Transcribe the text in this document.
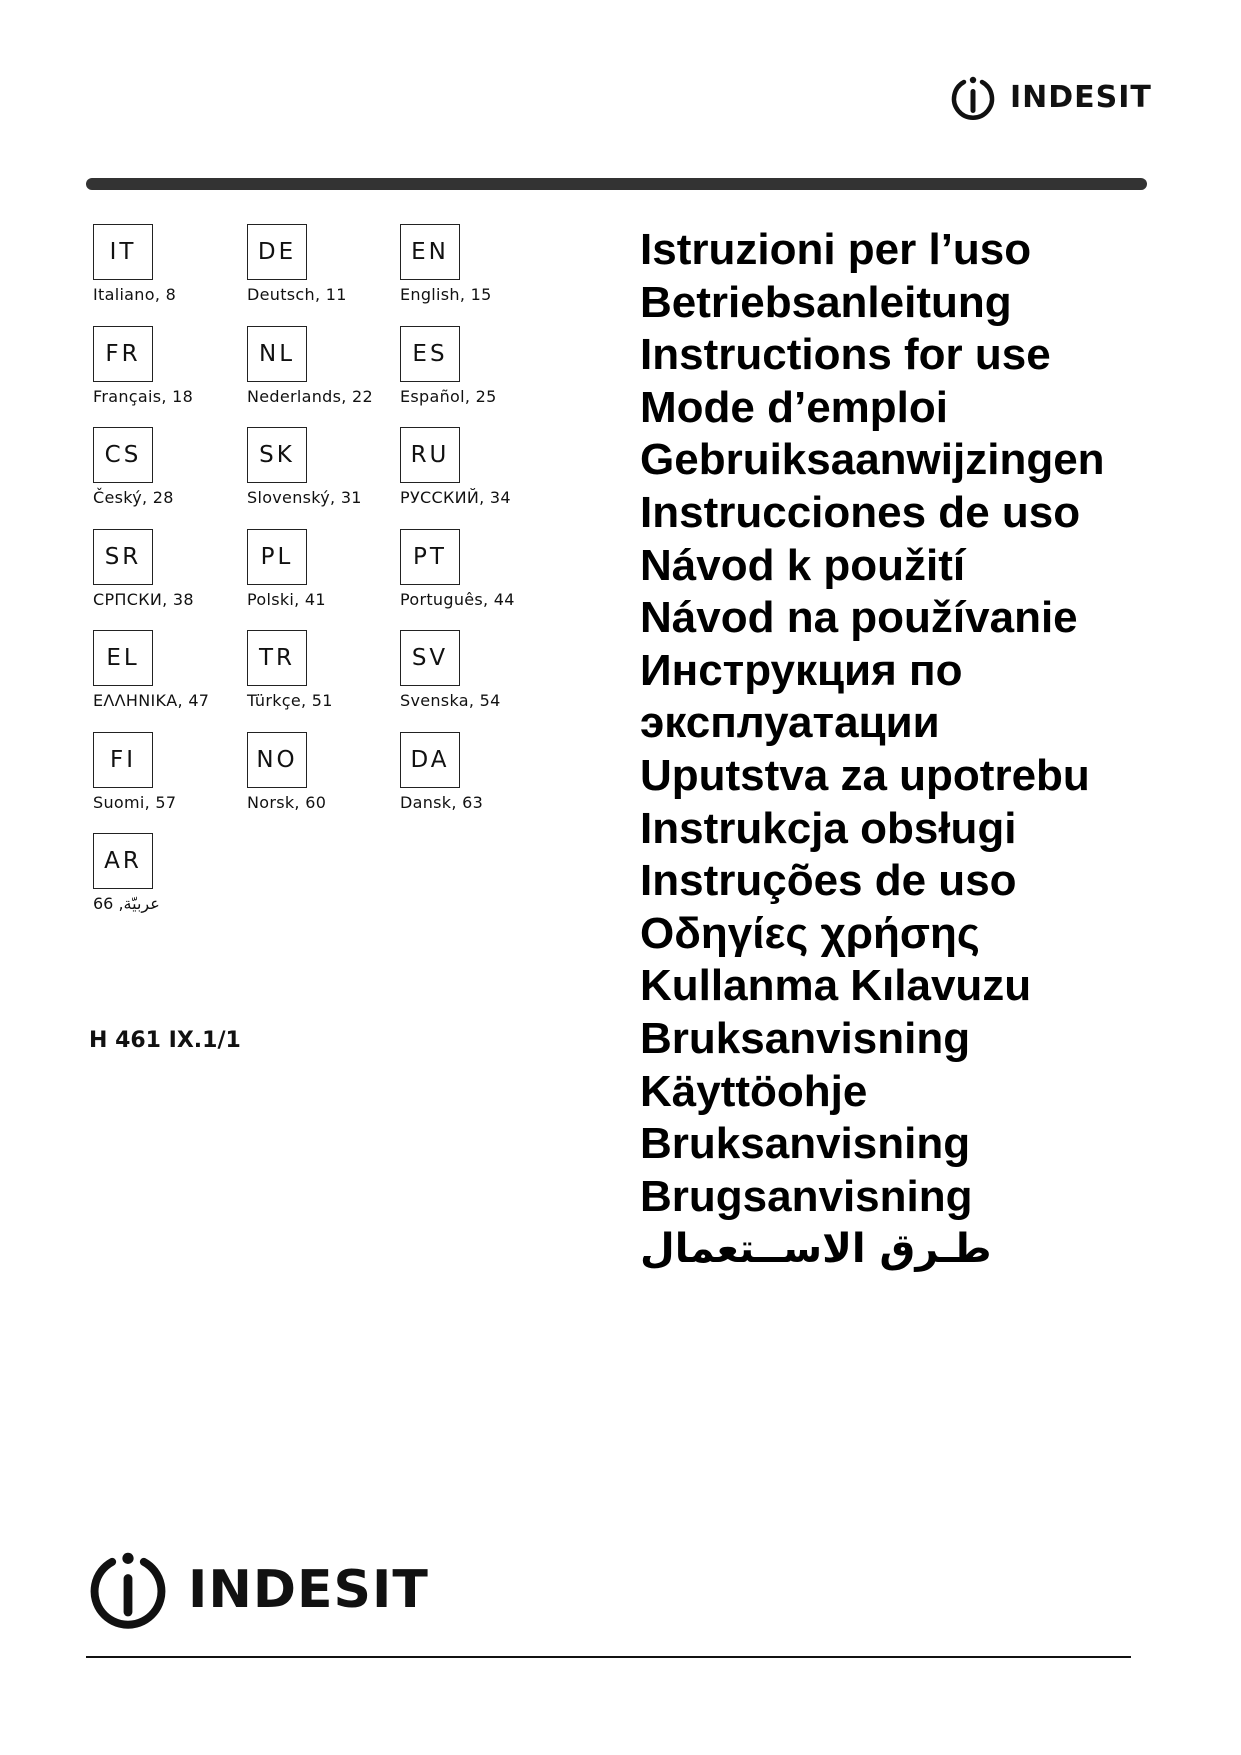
INDESIT
IT
Italiano, 8
DE
Deutsch, 11
EN
English, 15
FR
Français, 18
NL
Nederlands, 22
ES
Español, 25
CS
Český, 28
SK
Slovenský, 31
RU
РУССКИЙ, 34
SR
СРПСКИ, 38
PL
Polski, 41
PT
Português, 44
EL
ΕΛΛΗΝΙΚΑ, 47
TR
Türkçe, 51
SV
Svenska, 54
FI
Suomi, 57
NO
Norsk, 60
DA
Dansk, 63
AR
عربيّة, 66
H 461 IX.1/1
Istruzioni per l’uso
Betriebsanleitung
Instructions for use
Mode d’emploi
Gebruiksaanwijzingen
Instrucciones de uso
Návod k použití
Návod na používanie
Инструкция по
эксплуатации
Uputstva za upotrebu
Instrukcja obsługi
Instruções de uso
Οδηγίες χρήσης
Kullanma Kılavuzu
Bruksanvisning
Käyttöohje
Bruksanvisning
Brugsanvisning
طـرق الاســتعمال
INDESIT
